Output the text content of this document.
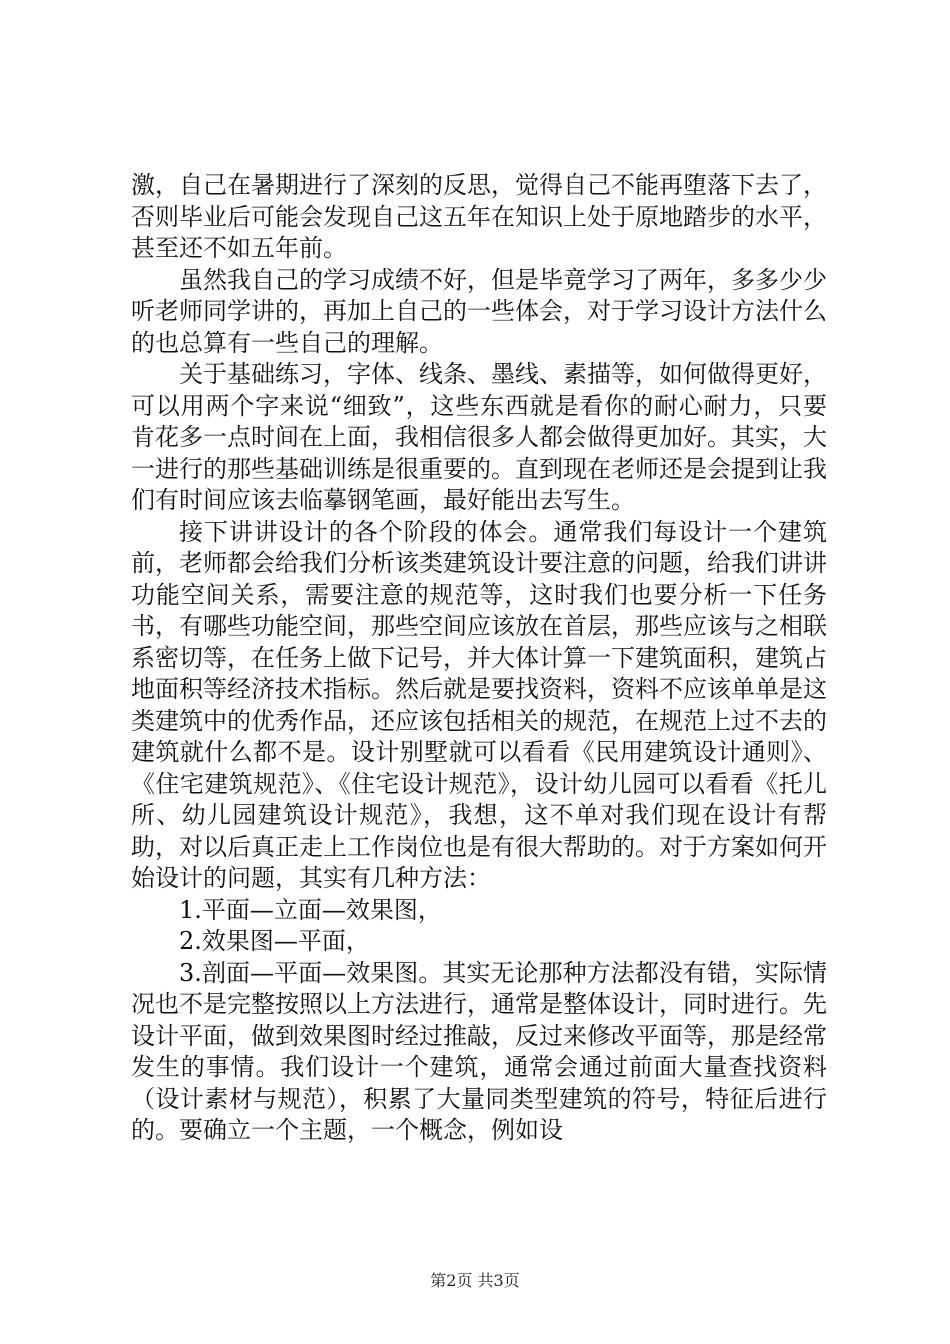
激，自己在暑期进行了深刻的反思，觉得自己不能再堕落下去了，否则毕业后可能会发现自己这五年在知识上处于原地踏步的水平，甚至还不如五年前。

虽然我自己的学习成绩不好，但是毕竟学习了两年，多多少少听老师同学讲的，再加上自己的一些体会，对于学习设计方法什么的也总算有一些自己的理解。

关于基础练习，字体、线条、墨线、素描等，如何做得更好，可以用两个字来说“细致”，这些东西就是看你的耐心耐力，只要肯花多一点时间在上面，我相信很多人都会做得更加好。其实，大一进行的那些基础训练是很重要的。直到现在老师还是会提到让我们有时间应该去临摹钢笔画，最好能出去写生。

接下讲讲设计的各个阶段的体会。通常我们每设计一个建筑前，老师都会给我们分析该类建筑设计要注意的问题，给我们讲讲功能空间关系，需要注意的规范等，这时我们也要分析一下任务书，有哪些功能空间，那些空间应该放在首层，那些应该与之相联系密切等，在任务上做下记号，并大体计算一下建筑面积，建筑占地面积等经济技术指标。然后就是要找资料，资料不应该单单是这类建筑中的优秀作品，还应该包括相关的规范，在规范上过不去的建筑就什么都不是。设计别墅就可以看看《民用建筑设计通则》、《住宅建筑规范》、《住宅设计规范》，设计幼儿园可以看看《托儿所、幼儿园建筑设计规范》，我想，这不单对我们现在设计有帮助，对以后真正走上工作岗位也是有很大帮助的。对于方案如何开始设计的问题，其实有几种方法：

1.平面—立面—效果图，

2.效果图—平面，

3.剖面—平面—效果图。其实无论那种方法都没有错，实际情况也不是完整按照以上方法进行，通常是整体设计，同时进行。先设计平面，做到效果图时经过推敲，反过来修改平面等，那是经常发生的事情。我们设计一个建筑，通常会通过前面大量查找资料（设计素材与规范），积累了大量同类型建筑的符号，特征后进行的。要确立一个主题，一个概念，例如设

第2页 共3页
